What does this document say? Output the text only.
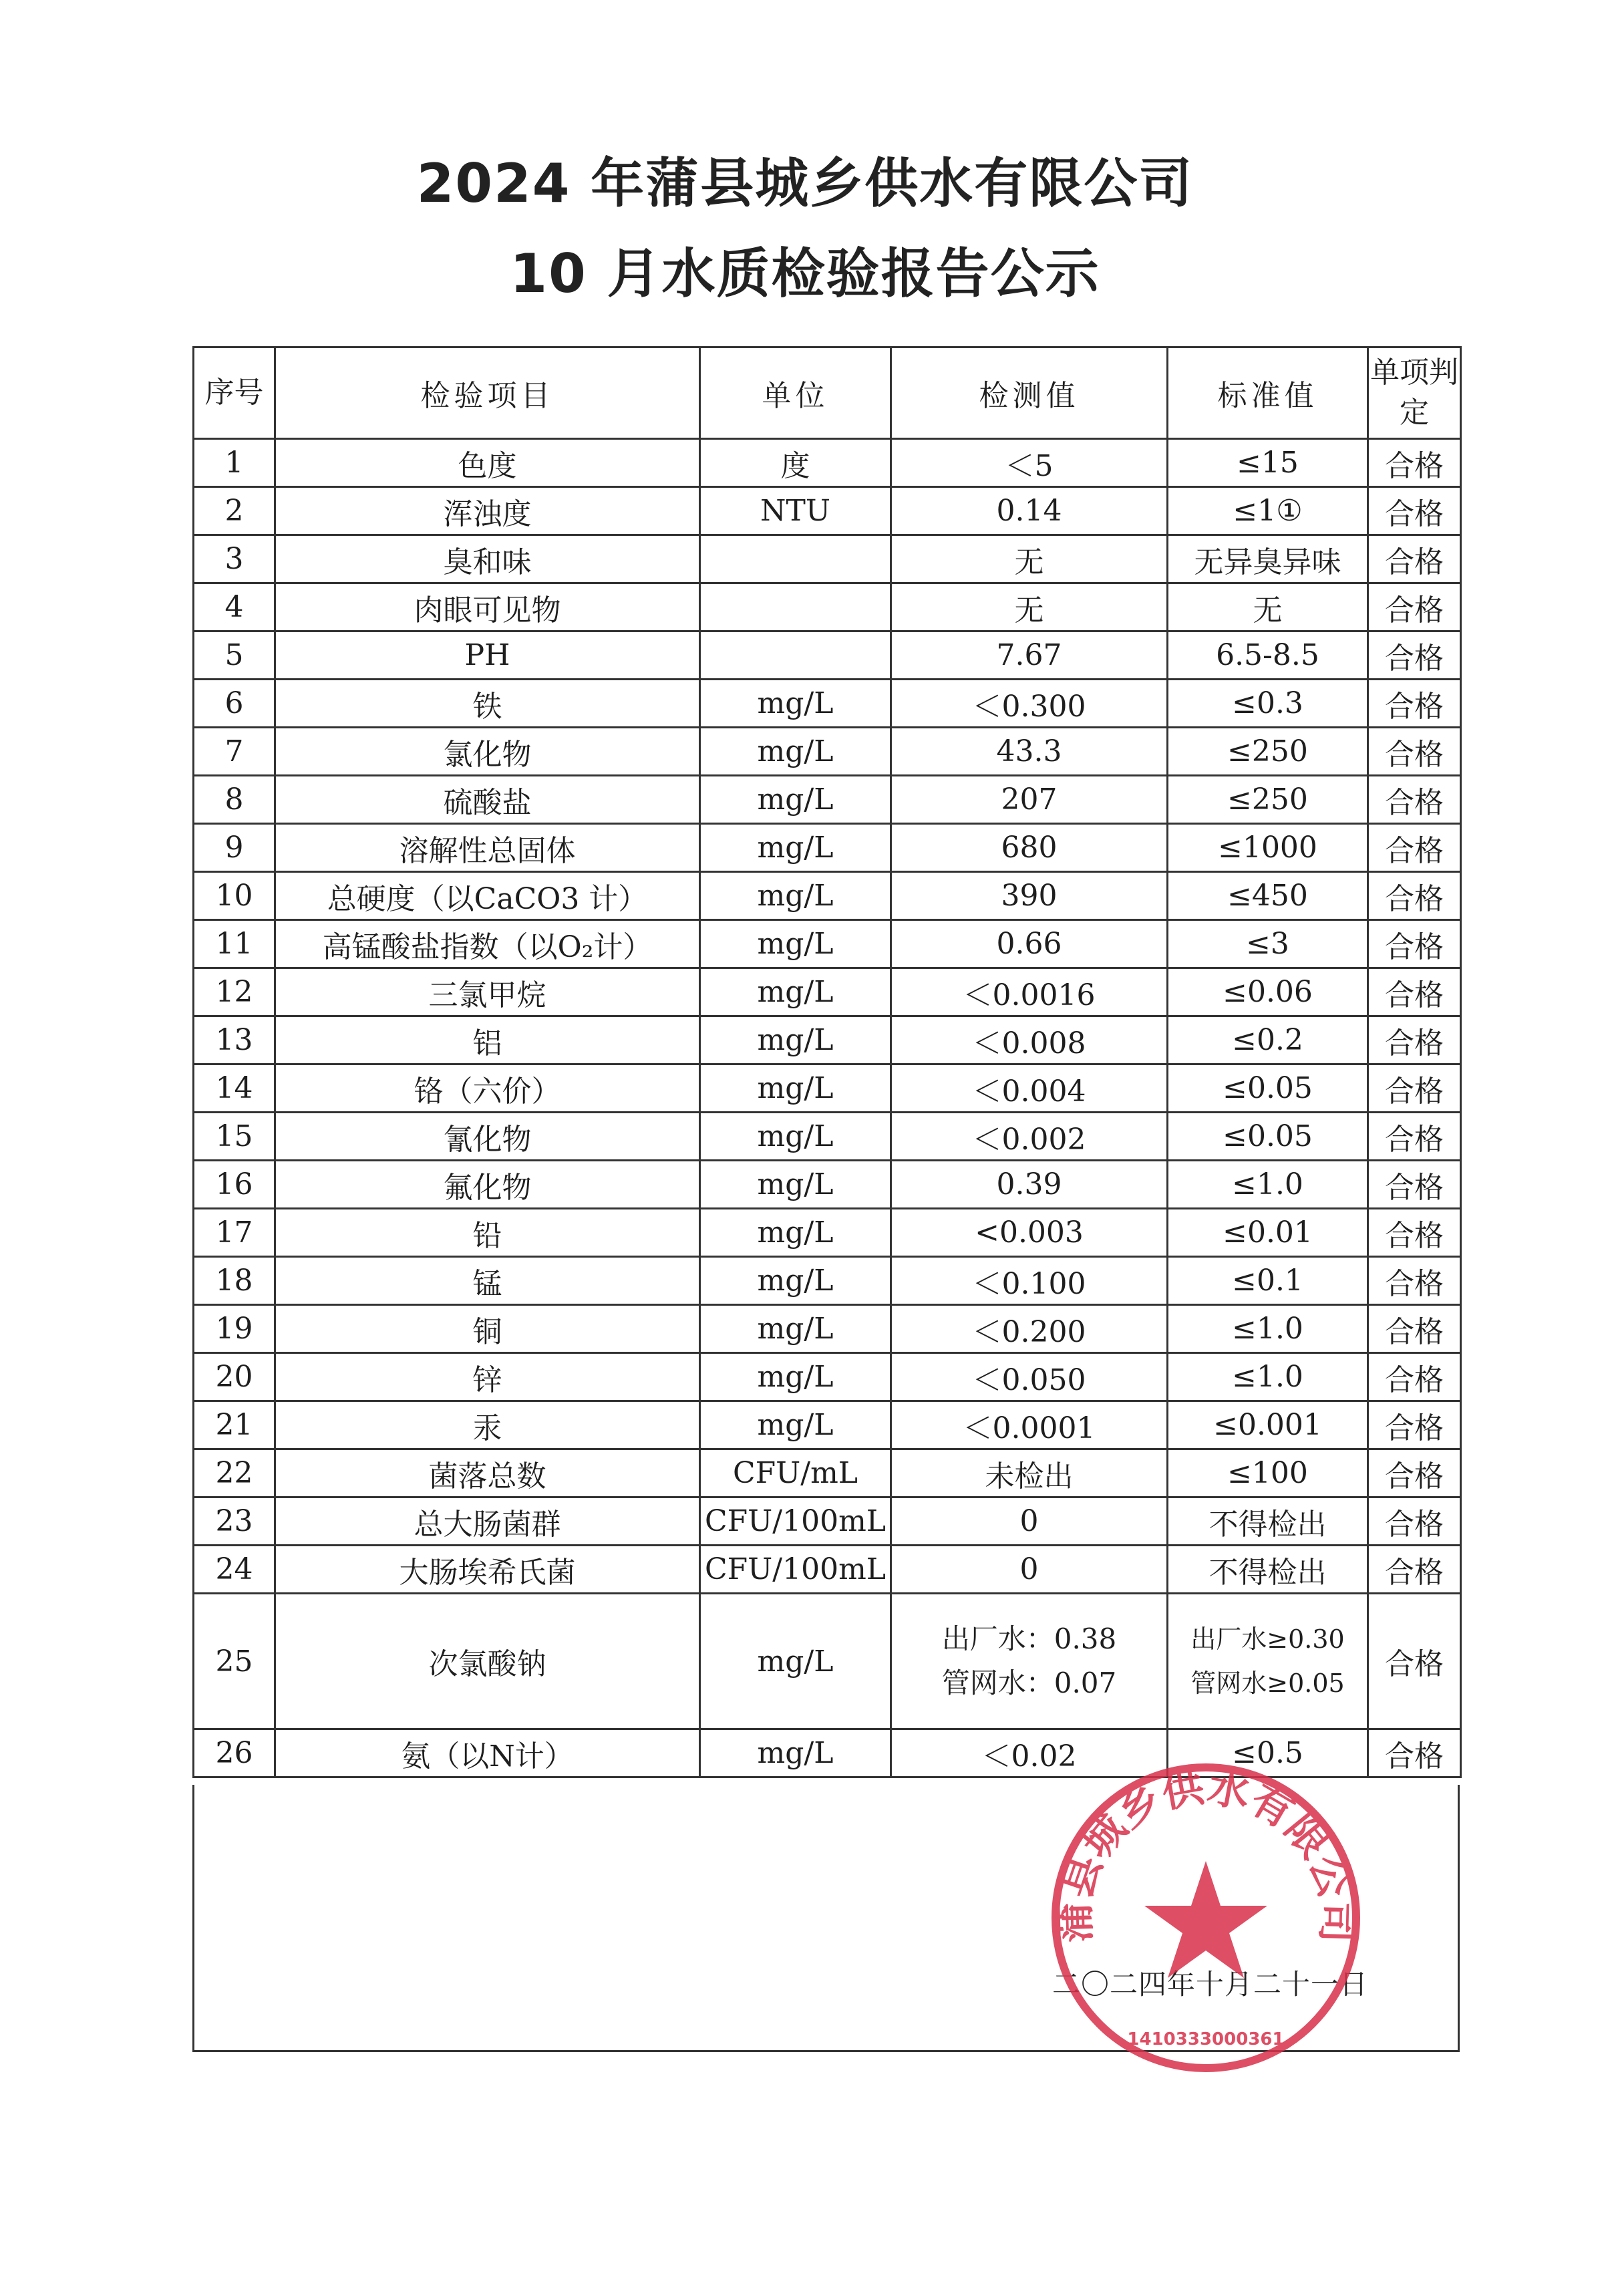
2024 年蒲县城乡供水有限公司
10 月水质检验报告公示
序号	检验项目	单位	检测值	标准值	单项判定
1	色度	度	＜5	≤15	合格
2	浑浊度	NTU	0.14	≤1①	合格
3	臭和味		无	无异臭异味	合格
4	肉眼可见物		无	无	合格
5	PH		7.67	6.5-8.5	合格
6	铁	mg/L	＜0.300	≤0.3	合格
7	氯化物	mg/L	43.3	≤250	合格
8	硫酸盐	mg/L	207	≤250	合格
9	溶解性总固体	mg/L	680	≤1000	合格
10	总硬度（以CaCO3 计）	mg/L	390	≤450	合格
11	高锰酸盐指数（以O₂计）	mg/L	0.66	≤3	合格
12	三氯甲烷	mg/L	＜0.0016	≤0.06	合格
13	铝	mg/L	＜0.008	≤0.2	合格
14	铬（六价）	mg/L	＜0.004	≤0.05	合格
15	氰化物	mg/L	＜0.002	≤0.05	合格
16	氟化物	mg/L	0.39	≤1.0	合格
17	铅	mg/L	<0.003	≤0.01	合格
18	锰	mg/L	＜0.100	≤0.1	合格
19	铜	mg/L	＜0.200	≤1.0	合格
20	锌	mg/L	＜0.050	≤1.0	合格
21	汞	mg/L	＜0.0001	≤0.001	合格
22	菌落总数	CFU/mL	未检出	≤100	合格
23	总大肠菌群	CFU/100mL	0	不得检出	合格
24	大肠埃希氏菌	CFU/100mL	0	不得检出	合格
25	次氯酸钠	mg/L	出厂水：0.38
管网水：0.07	出厂水≥0.30
管网水≥0.05	合格
26	氨（以N计）	mg/L	＜0.02	≤0.5	合格
二〇二四年十月二十一日
蒲县城乡供水有限公司
1410333000361
